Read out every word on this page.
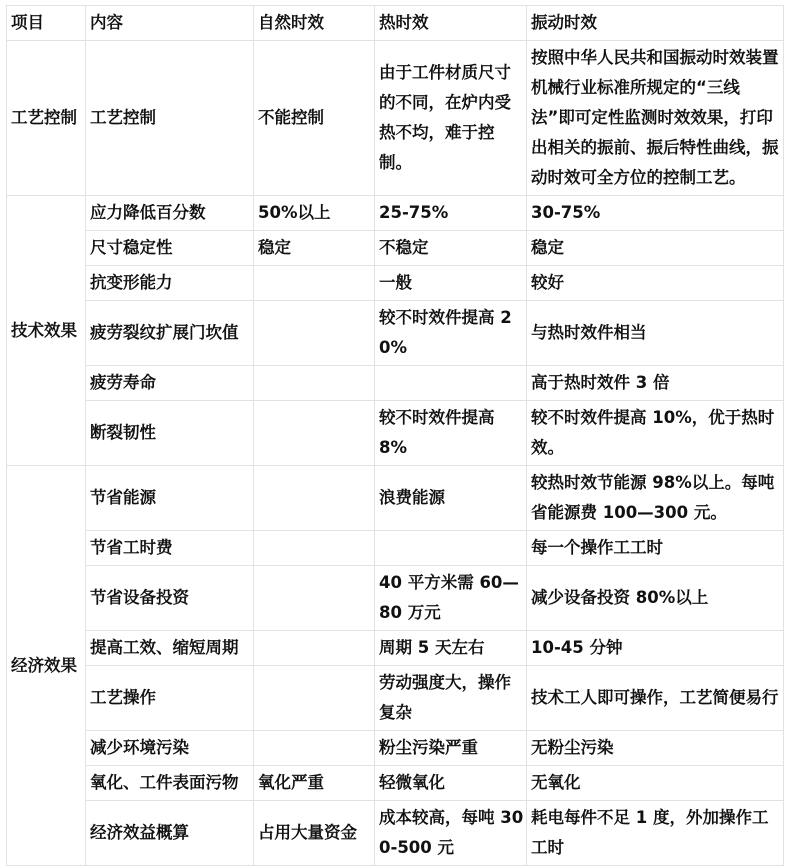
项目	内容	自然时效	热时效	振动时效
工艺控制	工艺控制	不能控制	由于工件材质尺寸的不同，在炉内受热不均，难于控制。	按照中华人民共和国振动时效装置机械行业标准所规定的“三线法”即可定性监测时效效果，打印出相关的振前、振后特性曲线，振动时效可全方位的控制工艺。
技术效果	应力降低百分数	50%以上	25-75%	30-75%
	尺寸稳定性	稳定	不稳定	稳定
	抗变形能力		一般	较好
	疲劳裂纹扩展门坎值		较不时效件提高 20%	与热时效件相当
	疲劳寿命			高于热时效件 3 倍
	断裂韧性		较不时效件提高 8%	较不时效件提高 10%，优于热时效。
经济效果	节省能源		浪费能源	较热时效节能源 98%以上。每吨省能源费 100—300 元。
	节省工时费			每一个操作工工时
	节省设备投资		40 平方米需 60—80 万元	减少设备投资 80%以上
	提高工效、缩短周期		周期 5 天左右	10-45 分钟
	工艺操作		劳动强度大，操作复杂	技术工人即可操作，工艺简便易行
	减少环境污染		粉尘污染严重	无粉尘污染
	氧化、工件表面污物	氧化严重	轻微氧化	无氧化
	经济效益概算	占用大量资金	成本较高，每吨 300-500 元	耗电每件不足 1 度，外加操作工工时
